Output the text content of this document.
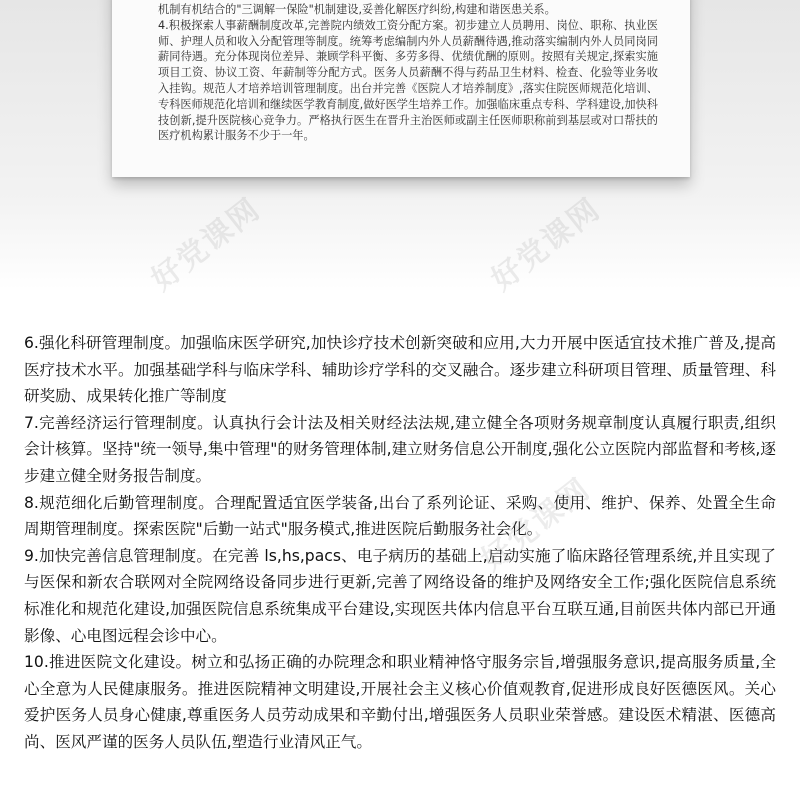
机制有机结合的"三调解一保险"机制建设,妥善化解医疗纠纷,构建和谐医患关系。

4.积极探索人事薪酬制度改革,完善院内绩效工资分配方案。初步建立人员聘用、岗位、职称、执业医师、护理人员和收入分配管理等制度。统筹考虑编制内外人员薪酬待遇,推动落实编制内外人员同岗同薪同待遇。充分体现岗位差异、兼顾学科平衡、多劳多得、优绩优酬的原则。按照有关规定,探索实施项目工资、协议工资、年薪制等分配方式。医务人员薪酬不得与药品卫生材料、检查、化验等业务收入挂钩。规范人才培养培训管理制度。出台并完善《医院人才培养制度》,落实住院医师规范化培训、专科医师规范化培训和继续医学教育制度,做好医学生培养工作。加强临床重点专科、学科建设,加快科技创新,提升医院核心竞争力。严格执行医生在晋升主治医师或副主任医师职称前到基层或对口帮扶的医疗机构累计服务不少于一年。

6.强化科研管理制度。加强临床医学研究,加快诊疗技术创新突破和应用,大力开展中医适宜技术推广普及,提高医疗技术水平。加强基础学科与临床学科、辅助诊疗学科的交叉融合。逐步建立科研项目管理、质量管理、科研奖励、成果转化推广等制度

7.完善经济运行管理制度。认真执行会计法及相关财经法法规,建立健全各项财务规章制度认真履行职责,组织会计核算。坚持"统一领导,集中管理"的财务管理体制,建立财务信息公开制度,强化公立医院内部监督和考核,逐步建立健全财务报告制度。

8.规范细化后勤管理制度。合理配置适宜医学装备,出台了系列论证、采购、使用、维护、保养、处置全生命周期管理制度。探索医院"后勤一站式"服务模式,推进医院后勤服务社会化。

9.加快完善信息管理制度。在完善 ls,hs,pacs、电子病历的基础上,启动实施了临床路径管理系统,并且实现了与医保和新农合联网对全院网络设备同步进行更新,完善了网络设备的维护及网络安全工作;强化医院信息系统标准化和规范化建设,加强医院信息系统集成平台建设,实现医共体内信息平台互联互通,目前医共体内部已开通影像、心电图远程会诊中心。

10.推进医院文化建设。树立和弘扬正确的办院理念和职业精神恪守服务宗旨,增强服务意识,提高服务质量,全心全意为人民健康服务。推进医院精神文明建设,开展社会主义核心价值观教育,促进形成良好医德医风。关心爱护医务人员身心健康,尊重医务人员劳动成果和辛勤付出,增强医务人员职业荣誉感。建设医术精湛、医德高尚、医风严谨的医务人员队伍,塑造行业清风正气。

好党课网
